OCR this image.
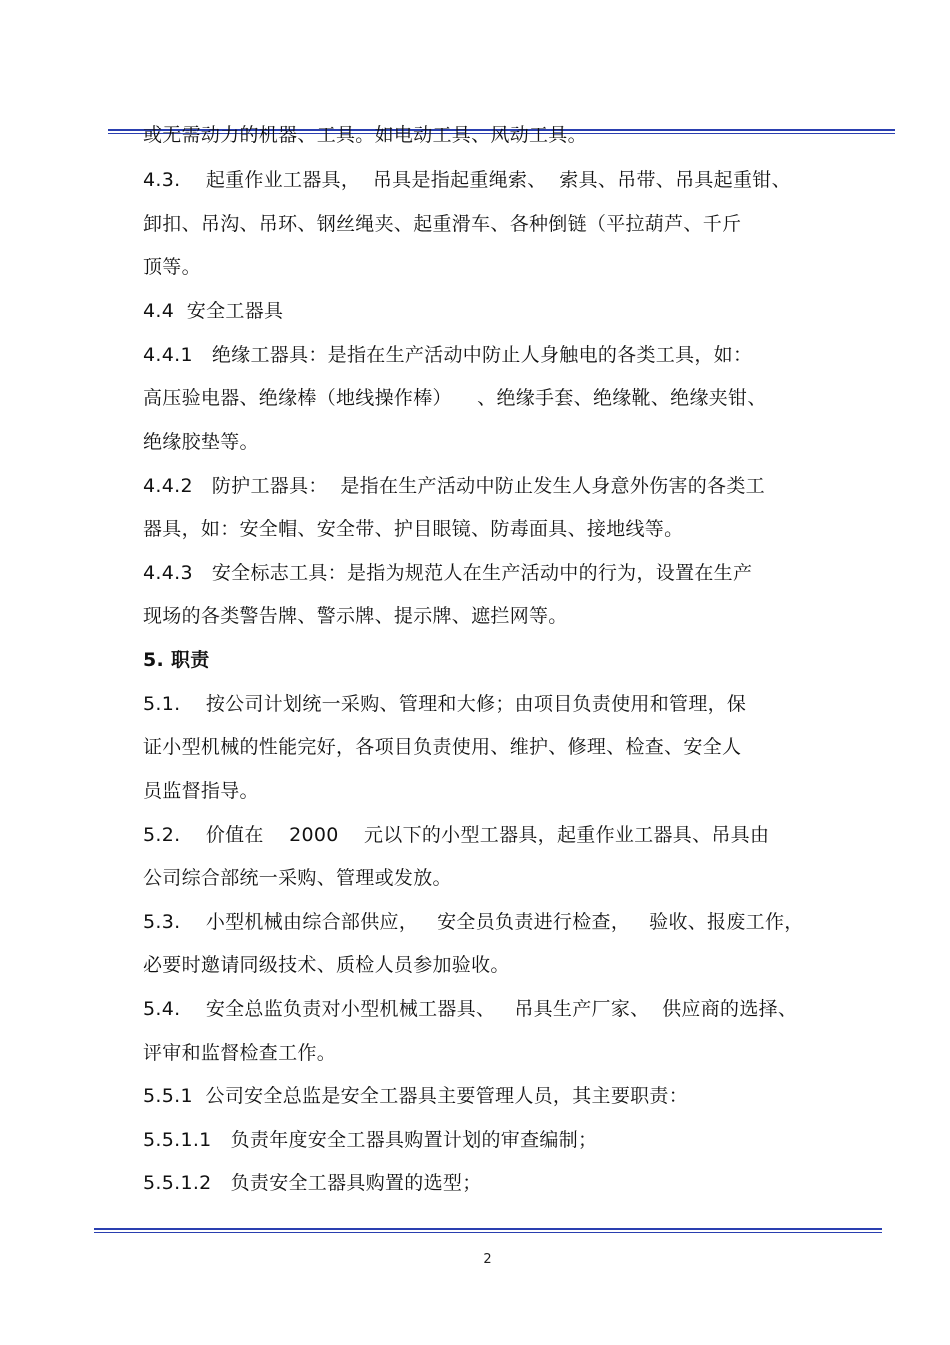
或无需动力的机器、工具。如电动工具、风动工具。
4.3.    起重作业工器具，  吊具是指起重绳索、  索具、吊带、吊具起重钳、
卸扣、吊沟、吊环、钢丝绳夹、起重滑车、各种倒链（平拉葫芦、千斤
顶等。
4.4  安全工器具
4.4.1   绝缘工器具：是指在生产活动中防止人身触电的各类工具，如：
高压验电器、绝缘棒（地线操作棒）    、绝缘手套、绝缘靴、绝缘夹钳、
绝缘胶垫等。
4.4.2   防护工器具：  是指在生产活动中防止发生人身意外伤害的各类工
器具，如：安全帽、安全带、护目眼镜、防毒面具、接地线等。
4.4.3   安全标志工具：是指为规范人在生产活动中的行为，设置在生产
现场的各类警告牌、警示牌、提示牌、遮拦网等。
5. 职责
5.1.    按公司计划统一采购、管理和大修；由项目负责使用和管理，保
证小型机械的性能完好，各项目负责使用、维护、修理、检查、安全人
员监督指导。
5.2.    价值在    2000    元以下的小型工器具，起重作业工器具、吊具由
公司综合部统一采购、管理或发放。
5.3.    小型机械由综合部供应，   安全员负责进行检查，   验收、报废工作，
必要时邀请同级技术、质检人员参加验收。
5.4.    安全总监负责对小型机械工器具、   吊具生产厂家、  供应商的选择、
评审和监督检查工作。
5.5.1  公司安全总监是安全工器具主要管理人员，其主要职责：
5.5.1.1   负责年度安全工器具购置计划的审查编制；
5.5.1.2   负责安全工器具购置的选型；
2
